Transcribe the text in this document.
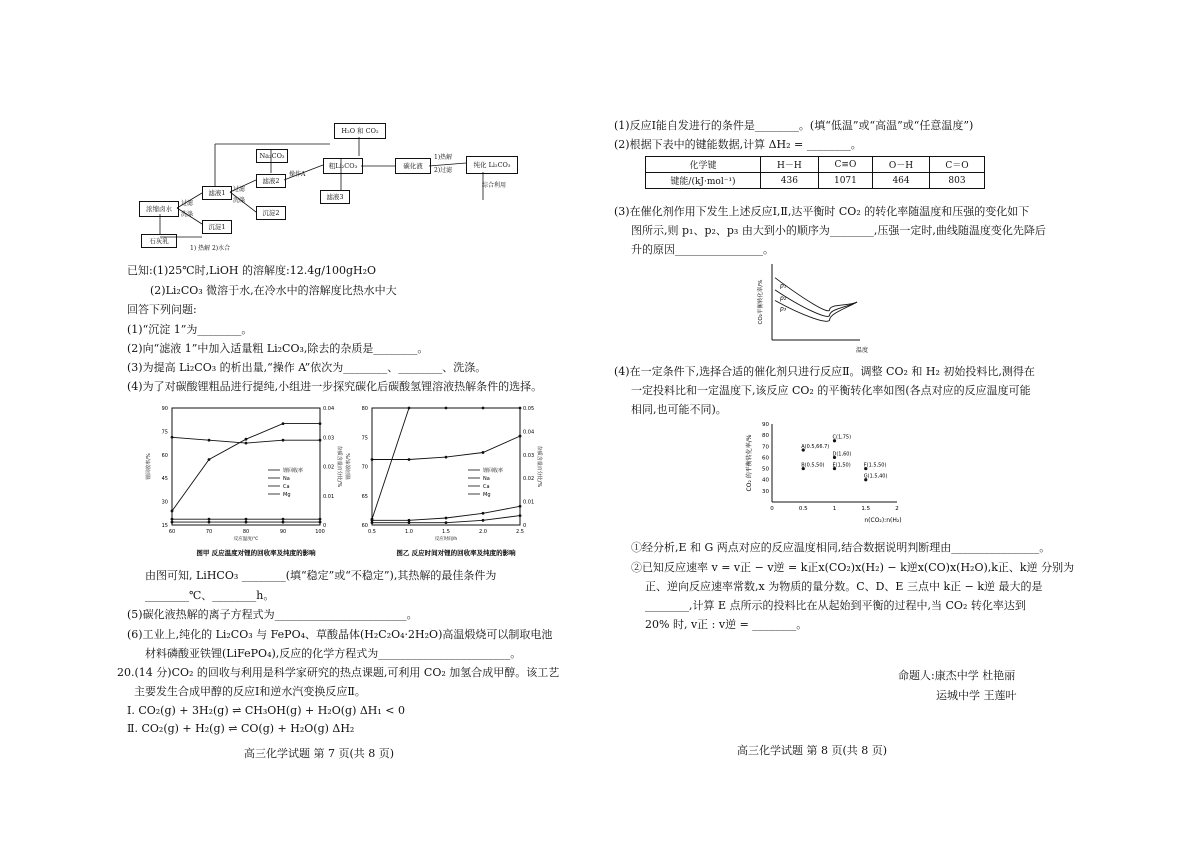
H₂O 和 CO₂
Na₂CO₃
粗Li₂CO₃	碳化液	纯化 Li₂CO₃
滤液2
滤液1	滤液3
浓缩卤水	沉淀2
沉淀1
石灰乳
过滤
洗涤
过滤
洗涤
操作A
1)热解
2)过滤
综合利用
1) 热解 2)水合
已知:(1)25℃时,LiOH 的溶解度:12.4g/100gH₂O
(2)Li₂CO₃ 微溶于水,在冷水中的溶解度比热水中大
回答下列问题:
(1)“沉淀 1”为________。
(2)向“滤液 1”中加入适量粗 Li₂CO₃,除去的杂质是________。
(3)为提高 Li₂CO₃ 的析出量,“操作 A”依次为________、________、洗涤。
(4)为了对碳酸锂粗品进行提纯,小组进一步探究碳化后碳酸氢锂溶液热解条件的选择。
90
75
60
45
30
15
0.04
0.03
0.02
0.01
0
60	70	80	90	100
反应温度/℃
锂回收率/%	杂质含量百分比/%
锂回收率
Na
Ca
Mg
图甲 反应温度对锂的回收率及纯度的影响
80
75
70
65
60
0.05
0.04
0.03
0.02
0.01
0
0.5	1.0	1.5	2.0	2.5
反应时间/h
锂回收率/%	杂质含量百分比/%
锂回收率
Na
Ca
Mg
图乙 反应时间对锂的回收率及纯度的影响
由图可知, LiHCO₃ ________(填“稳定”或“不稳定”),其热解的最佳条件为
________℃、________h。
(5)碳化液热解的离子方程式为________________________。
(6)工业上,纯化的 Li₂CO₃ 与 FePO₄、草酸晶体(H₂C₂O₄·2H₂O)高温煅烧可以制取电池
材料磷酸亚铁锂(LiFePO₄),反应的化学方程式为________________________。
20.(14 分)CO₂ 的回收与利用是科学家研究的热点课题,可利用 CO₂ 加氢合成甲醇。该工艺
主要发生合成甲醇的反应Ⅰ和逆水汽变换反应Ⅱ。
Ⅰ. CO₂(g) + 3H₂(g) ⇌ CH₃OH(g) + H₂O(g) ΔH₁ < 0
Ⅱ. CO₂(g) + H₂(g) ⇌ CO(g) + H₂O(g) ΔH₂
高三化学试题 第 7 页(共 8 页)
(1)反应Ⅰ能自发进行的条件是________。(填“低温”或“高温”或“任意温度”)
(2)根据下表中的键能数据,计算 ΔH₂ = ________。
化学键	H－H	C≡O	O－H	C＝O
键能/(kJ·mol⁻¹)	436	1071	464	803
(3)在催化剂作用下发生上述反应Ⅰ,Ⅱ,达平衡时 CO₂ 的转化率随温度和压强的变化如下
图所示,则 p₁、p₂、p₃ 由大到小的顺序为________,压强一定时,曲线随温度变化先降后
升的原因________________。
温度
CO₂平衡转化率/%	p₁
p₂
p₃
(4)在一定条件下,选择合适的催化剂只进行反应Ⅱ。调整 CO₂ 和 H₂ 初始投料比,测得在
一定投料比和一定温度下,该反应 CO₂ 的平衡转化率如图(各点对应的反应温度可能
相同,也可能不同)。
90
80
70
60
50
40
30
0	0.5	1	1.5	2
n(CO₂):n(H₂)
CO₂ 的平衡转化率/%	A(0.5,66.7)
B(0.5,50)
C(1,75)
D(1,60)
E(1,50)	F(1.5,50)
G(1.5,40)
①经分析,E 和 G 两点对应的反应温度相同,结合数据说明判断理由________________。
②已知反应速率 v = v正 − v逆 = k正x(CO₂)x(H₂) − k逆x(CO)x(H₂O),k正、k逆 分别为
正、逆向反应速率常数,x 为物质的量分数。C、D、E 三点中 k正 − k逆 最大的是
________,计算 E 点所示的投料比在从起始到平衡的过程中,当 CO₂ 转化率达到
20% 时, v正 : v逆 = ________。
命题人:康杰中学 杜艳丽
运城中学 王莲叶
高三化学试题 第 8 页(共 8 页)
